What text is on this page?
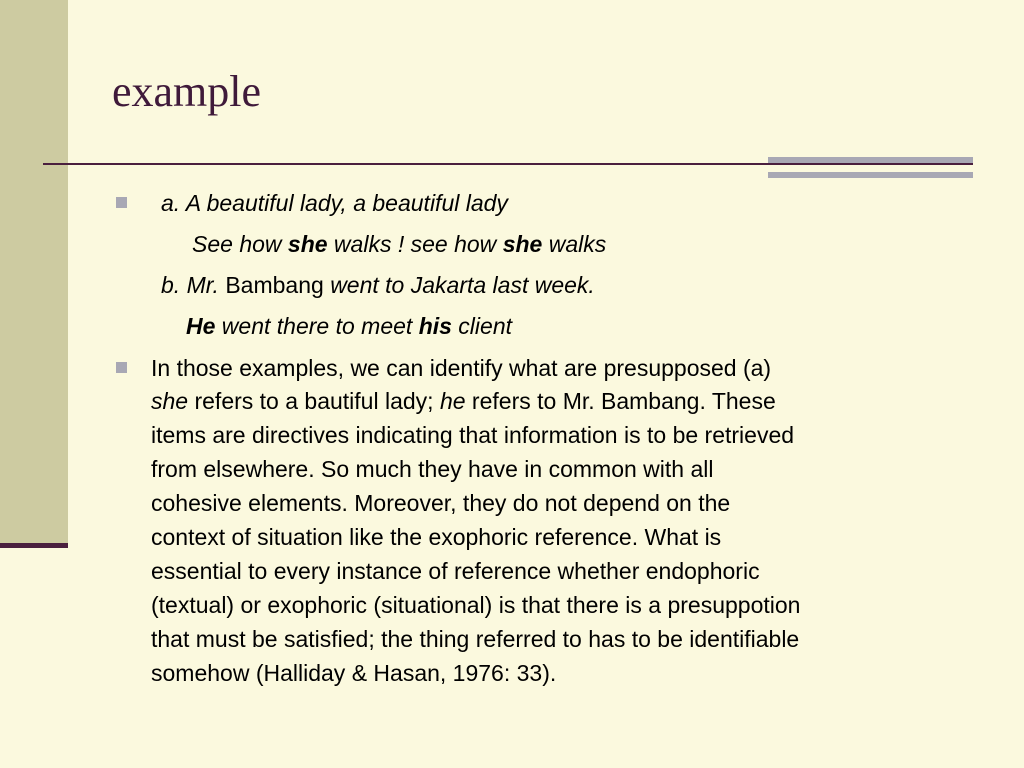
example
a. A beautiful lady, a beautiful lady
See how she walks ! see how she walks
b. Mr. Bambang went to Jakarta last week.
He went there to meet his client
In those examples, we can identify what are presupposed (a)
she refers to a bautiful lady; he refers to Mr. Bambang. These
items are directives indicating that information is to be retrieved
from elsewhere. So much they have in common with all
cohesive elements. Moreover, they do not depend on the
context of situation like the exophoric reference. What is
essential to every instance of reference whether endophoric
(textual) or exophoric (situational) is that there is a presuppotion
that must be satisfied; the thing referred to has to be identifiable
somehow (Halliday & Hasan, 1976: 33).
